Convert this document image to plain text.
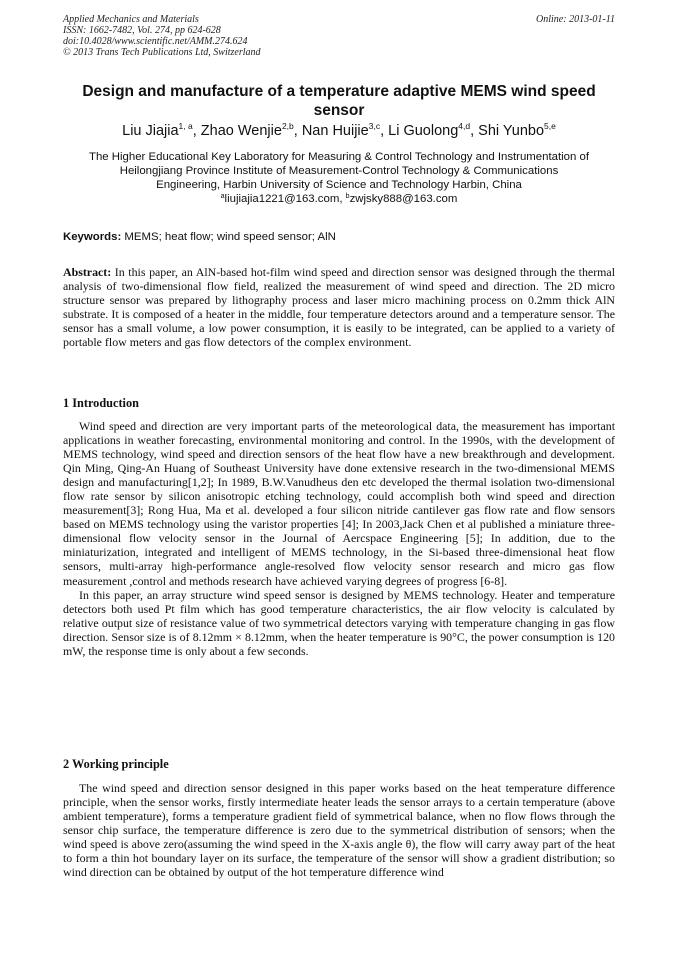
Applied Mechanics and Materials
ISSN: 1662-7482, Vol. 274, pp 624-628
doi:10.4028/www.scientific.net/AMM.274.624
© 2013 Trans Tech Publications Ltd, Switzerland
Online: 2013-01-11
Design and manufacture of a temperature adaptive MEMS wind speed sensor
Liu Jiajia$^{1, a}$, Zhao Wenjie$^{2,b}$, Nan Huijie$^{3,c}$, Li Guolong$^{4,d}$, Shi Yunbo$^{5,e}$
The Higher Educational Key Laboratory for Measuring & Control Technology and Instrumentation of
Heilongjiang Province Institute of Measurement-Control Technology & Communications
Engineering, Harbin University of Science and Technology Harbin, China
$^a$liujiajia1221@163.com, $^b$zwjsky888@163.com
Keywords: MEMS; heat flow; wind speed sensor; AlN
Abstract: In this paper, an AlN-based hot-film wind speed and direction sensor was designed through the thermal analysis of two-dimensional flow field, realized the measurement of wind speed and direction. The 2D micro structure sensor was prepared by lithography process and laser micro machining process on 0.2mm thick AlN substrate. It is composed of a heater in the middle, four temperature detectors around and a temperature sensor. The sensor has a small volume, a low power consumption, it is easily to be integrated, can be applied to a variety of portable flow meters and gas flow detectors of the complex environment.
1 Introduction

Wind speed and direction are very important parts of the meteorological data, the measurement has important applications in weather forecasting, environmental monitoring and control. In the 1990s, with the development of MEMS technology, wind speed and direction sensors of the heat flow have a new breakthrough and development. Qin Ming, Qing-An Huang of Southeast University have done extensive research in the two-dimensional MEMS design and manufacturing[1,2]; In 1989, B.W.Vanudheus den etc developed the thermal isolation two-dimensional flow rate sensor by silicon anisotropic etching technology, could accomplish both wind speed and direction measurement[3]; Rong Hua, Ma et al. developed a four silicon nitride cantilever gas flow rate and flow sensors based on MEMS technology using the varistor properties [4]; In 2003,Jack Chen et al published a miniature three-dimensional flow velocity sensor in the Journal of Aercspace Engineering [5]; In addition, due to the miniaturization, integrated and intelligent of MEMS technology, in the Si-based three-dimensional heat flow sensors, multi-array high-performance angle-resolved flow velocity sensor research and micro gas flow measurement ,control and methods research have achieved varying degrees of progress [6-8].

In this paper, an array structure wind speed sensor is designed by MEMS technology. Heater and temperature detectors both used Pt film which has good temperature characteristics, the air flow velocity is calculated by relative output size of resistance value of two symmetrical detectors varying with temperature changing in gas flow direction. Sensor size is of 8.12mm × 8.12mm, when the heater temperature is 90°C, the power consumption is 120 mW, the response time is only about a few seconds.

2 Working principle

The wind speed and direction sensor designed in this paper works based on the heat temperature difference principle, when the sensor works, firstly intermediate heater leads the sensor arrays to a certain temperature (above ambient temperature), forms a temperature gradient field of symmetrical balance, when no flow flows through the sensor chip surface, the temperature difference is zero due to the symmetrical distribution of sensors; when the wind speed is above zero(assuming the wind speed in the X-axis angle θ), the flow will carry away part of the heat to form a thin hot boundary layer on its surface, the temperature of the sensor will show a gradient distribution; so wind direction can be obtained by output of the hot temperature difference wind
